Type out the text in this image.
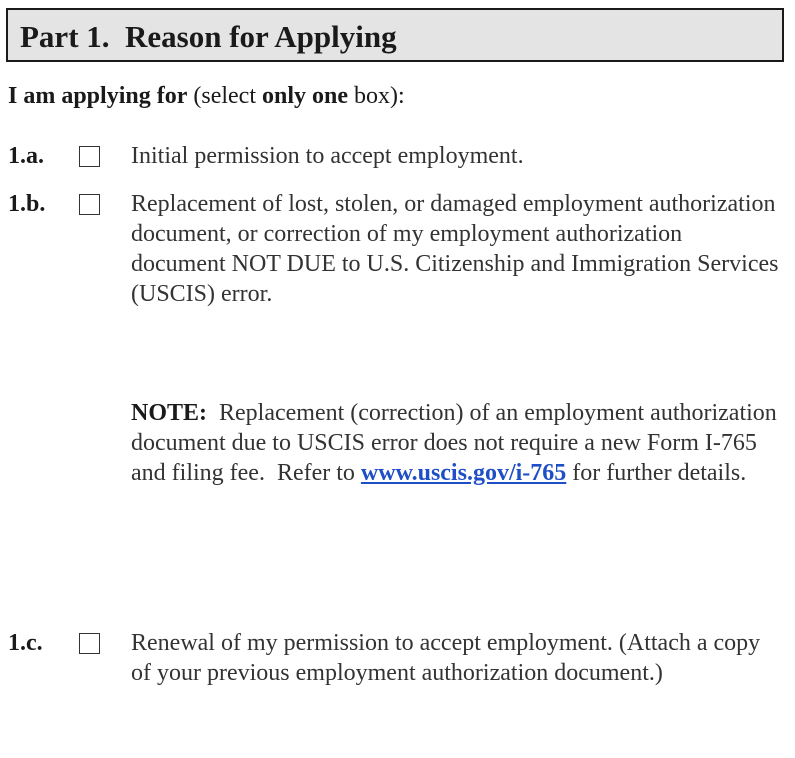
Part 1.  Reason for Applying
I am applying for (select only one box):
1.a.	Initial permission to accept employment.
1.b.	Replacement of lost, stolen, or damaged employment authorization document, or correction of my employment authorization document NOT DUE to U.S. Citizenship and Immigration Services (USCIS) error.
NOTE:  Replacement (correction) of an employment authorization document due to USCIS error does not require a new Form I-765 and filing fee.  Refer to www.uscis.gov/i-765 for further details.
1.c.	Renewal of my permission to accept employment. (Attach a copy of your previous employment authorization document.)
